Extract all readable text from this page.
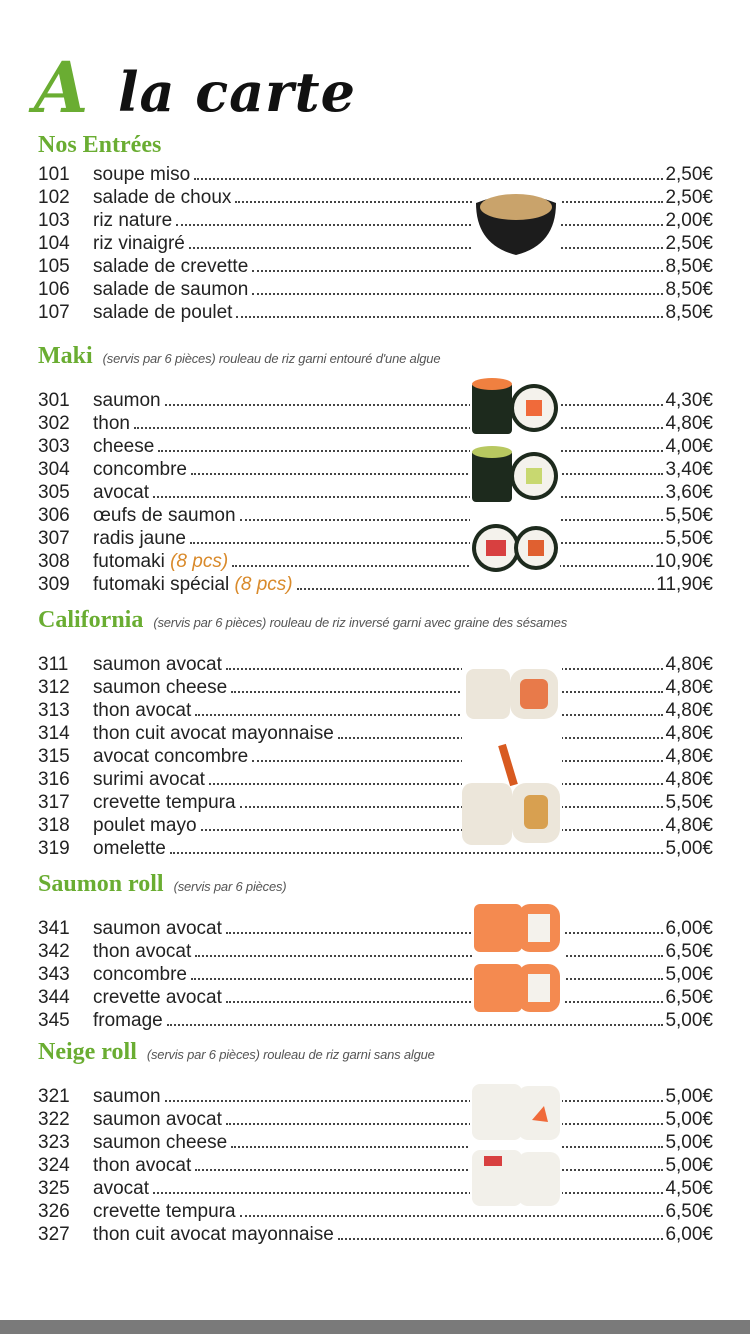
A la carte
Nos Entrées
101	soupe miso	2,50€
102	salade de choux	2,50€
103	riz nature	2,00€
104	riz vinaigré	2,50€
105	salade de crevette	8,50€
106	salade de saumon	8,50€
107	salade de poulet	8,50€
Maki (servis par 6 pièces) rouleau de riz garni entouré d'une algue
301	saumon	4,30€
302	thon	4,80€
303	cheese	4,00€
304	concombre	3,40€
305	avocat	3,60€
306	œufs de saumon	5,50€
307	radis jaune	5,50€
308	futomaki (8 pcs)	10,90€
309	futomaki spécial (8 pcs)	11,90€
California (servis par 6 pièces) rouleau de riz inversé garni avec graine des sésames
311	saumon avocat	4,80€
312	saumon cheese	4,80€
313	thon avocat	4,80€
314	thon cuit avocat mayonnaise	4,80€
315	avocat concombre	4,80€
316	surimi avocat	4,80€
317	crevette tempura	5,50€
318	poulet mayo	4,80€
319	omelette	5,00€
Saumon roll (servis par 6 pièces)
341	saumon avocat	6,00€
342	thon avocat	6,50€
343	concombre	5,00€
344	crevette avocat	6,50€
345	fromage	5,00€
Neige roll (servis par 6 pièces) rouleau de riz garni sans algue
321	saumon	5,00€
322	saumon avocat	5,00€
323	saumon cheese	5,00€
324	thon avocat	5,00€
325	avocat	4,50€
326	crevette tempura	6,50€
327	thon cuit avocat mayonnaise	6,00€
